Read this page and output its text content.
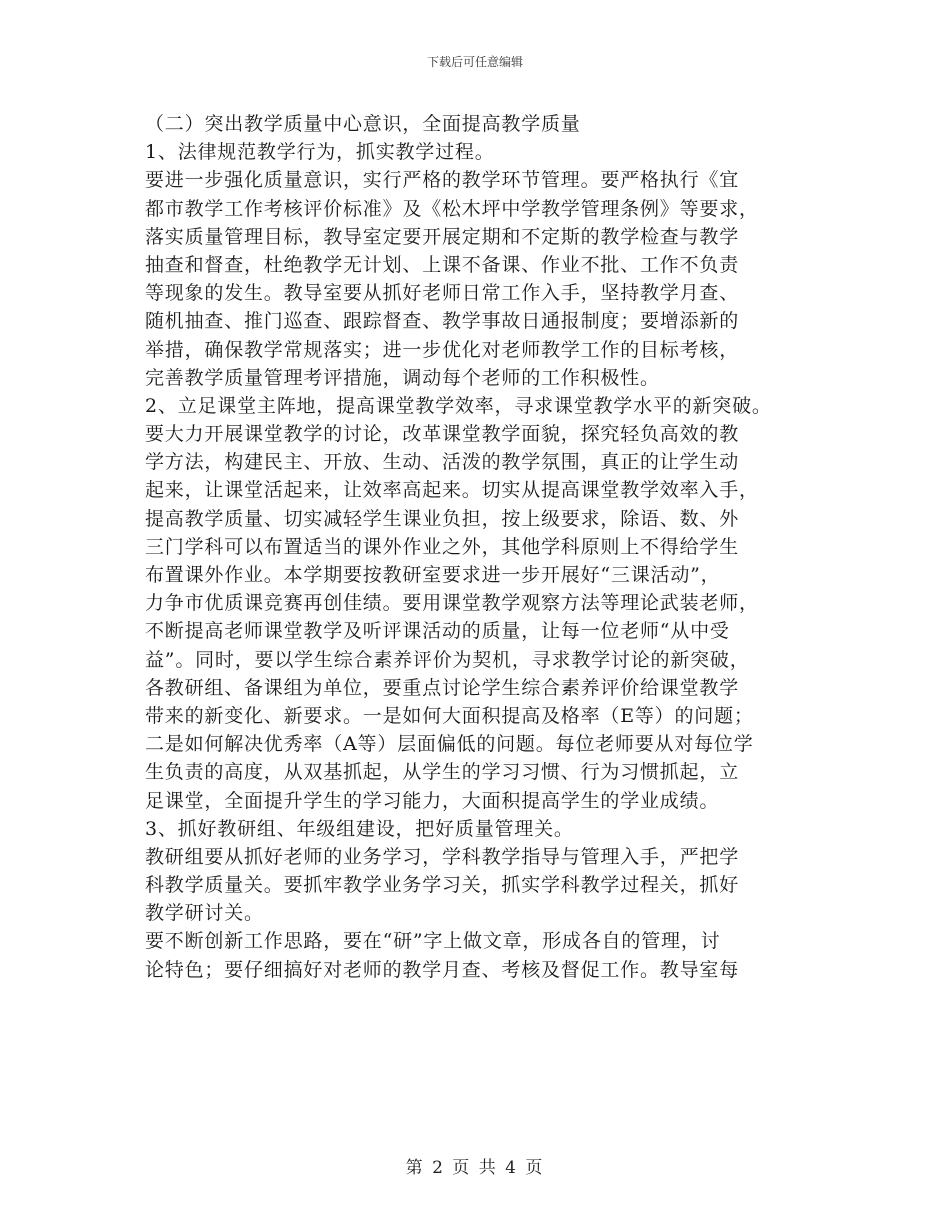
下载后可任意编辑
（二）突出教学质量中心意识，全面提高教学质量
1、法律规范教学行为，抓实教学过程。
要进一步强化质量意识，实行严格的教学环节管理。要严格执行《宜
都市教学工作考核评价标准》及《松木坪中学教学管理条例》等要求，
落实质量管理目标，教导室定要开展定期和不定斯的教学检查与教学
抽查和督查，杜绝教学无计划、上课不备课、作业不批、工作不负责
等现象的发生。教导室要从抓好老师日常工作入手，坚持教学月查、
随机抽查、推门巡查、跟踪督查、教学事故日通报制度；要增添新的
举措，确保教学常规落实；进一步优化对老师教学工作的目标考核，
完善教学质量管理考评措施，调动每个老师的工作积极性。
2、立足课堂主阵地，提高课堂教学效率，寻求课堂教学水平的新突破。
要大力开展课堂教学的讨论，改革课堂教学面貌，探究轻负高效的教
学方法，构建民主、开放、生动、活泼的教学氛围，真正的让学生动
起来，让课堂活起来，让效率高起来。切实从提高课堂教学效率入手，
提高教学质量、切实减轻学生课业负担，按上级要求，除语、数、外
三门学科可以布置适当的课外作业之外，其他学科原则上不得给学生
布置课外作业。本学期要按教研室要求进一步开展好“三课活动”，
力争市优质课竞赛再创佳绩。要用课堂教学观察方法等理论武装老师，
不断提高老师课堂教学及听评课活动的质量，让每一位老师“从中受
益”。同时，要以学生综合素养评价为契机，寻求教学讨论的新突破，
各教研组、备课组为单位，要重点讨论学生综合素养评价给课堂教学
带来的新变化、新要求。一是如何大面积提高及格率（E等）的问题；
二是如何解决优秀率（A等）层面偏低的问题。每位老师要从对每位学
生负责的高度，从双基抓起，从学生的学习习惯、行为习惯抓起，立
足课堂，全面提升学生的学习能力，大面积提高学生的学业成绩。
3、抓好教研组、年级组建设，把好质量管理关。
教研组要从抓好老师的业务学习，学科教学指导与管理入手，严把学
科教学质量关。要抓牢教学业务学习关，抓实学科教学过程关，抓好
教学研讨关。
要不断创新工作思路，要在“研”字上做文章，形成各自的管理，讨
论特色；要仔细搞好对老师的教学月查、考核及督促工作。教导室每
第 2 页 共 4 页
